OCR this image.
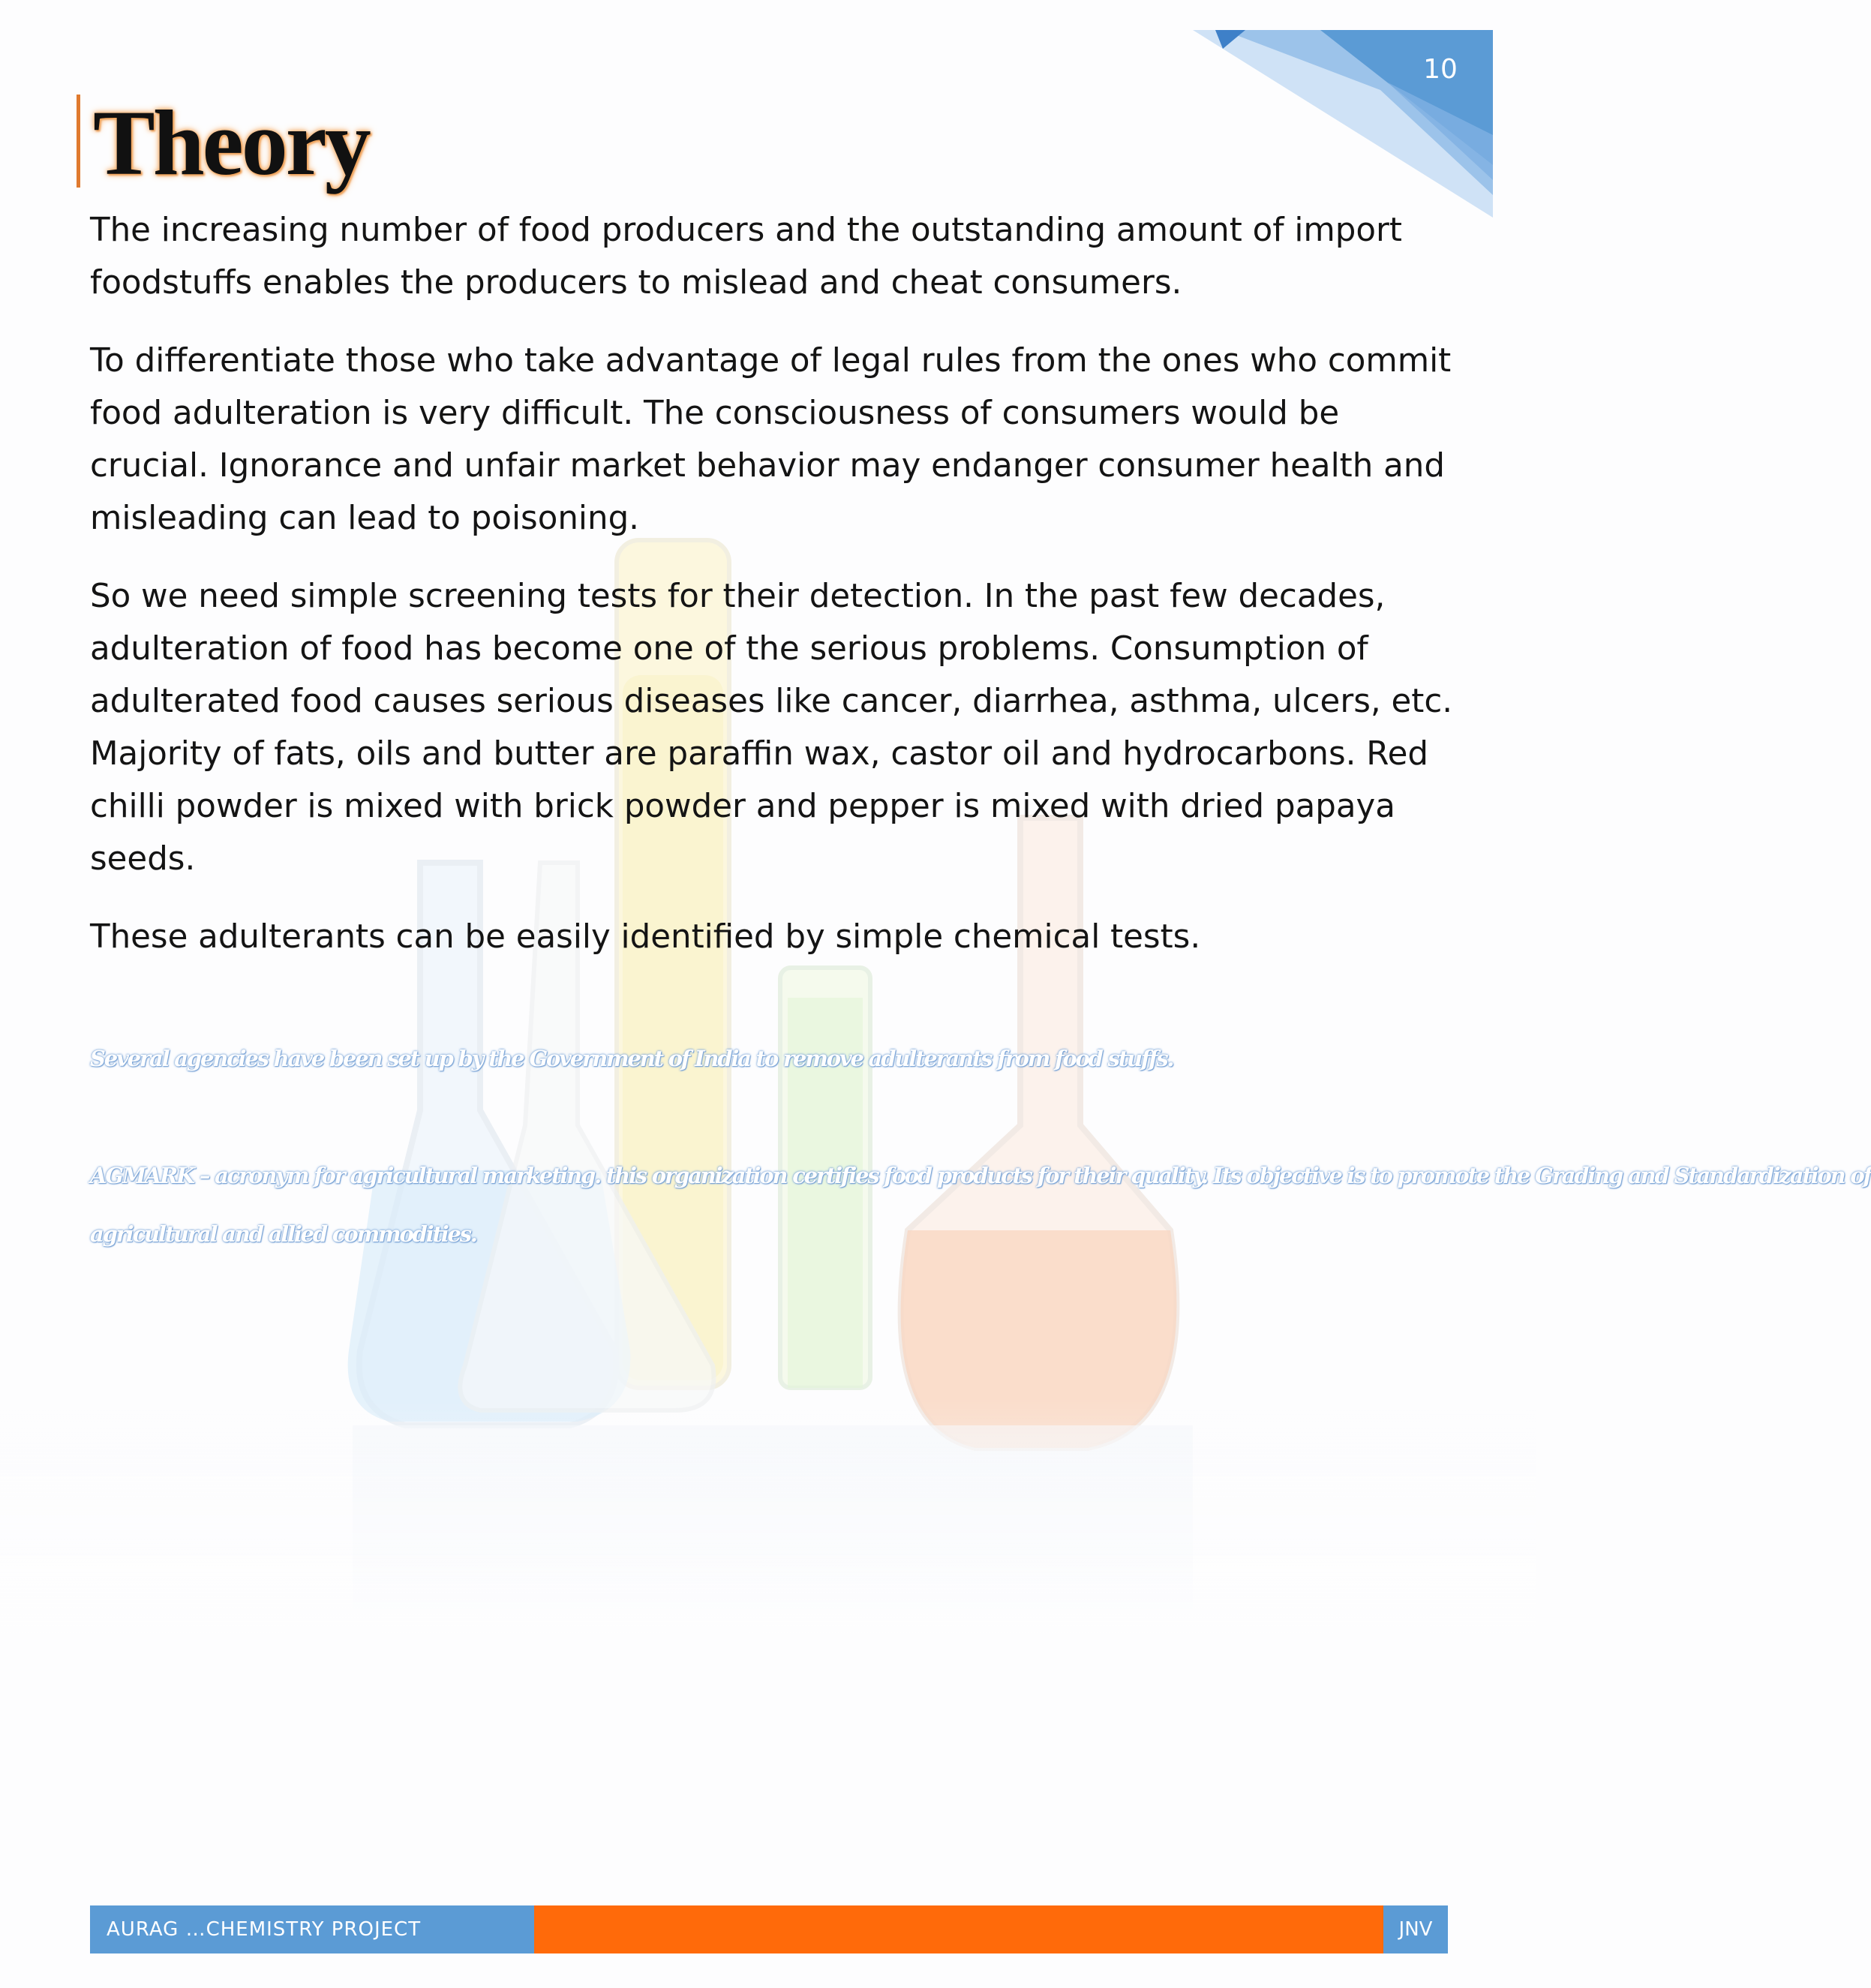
10
Theory

The increasing number of food producers and the outstanding amount of import foodstuffs enables the producers to mislead and cheat consumers.

To differentiate those who take advantage of legal rules from the ones who commit food adulteration is very difficult. The consciousness of consumers would be crucial. Ignorance and unfair market behavior may endanger consumer health and misleading can lead to poisoning.

So we need simple screening tests for their detection. In the past few decades, adulteration of food has become one of the serious problems. Consumption of adulterated food causes serious diseases like cancer, diarrhea, asthma, ulcers, etc. Majority of fats, oils and butter are paraffin wax, castor oil and hydrocarbons. Red chilli powder is mixed with brick powder and pepper is mixed with dried papaya seeds.

These adulterants can be easily identified by simple chemical tests.

Several agencies have been set up by the Government of India to remove adulterants from food stuffs.
AGMARK – acronym for agricultural marketing. this organization certifies food products for their quality. Its objective is to promote the Grading and Standardization of
agricultural and allied commodities.
AURAG …CHEMISTRY PROJECT	JNV
